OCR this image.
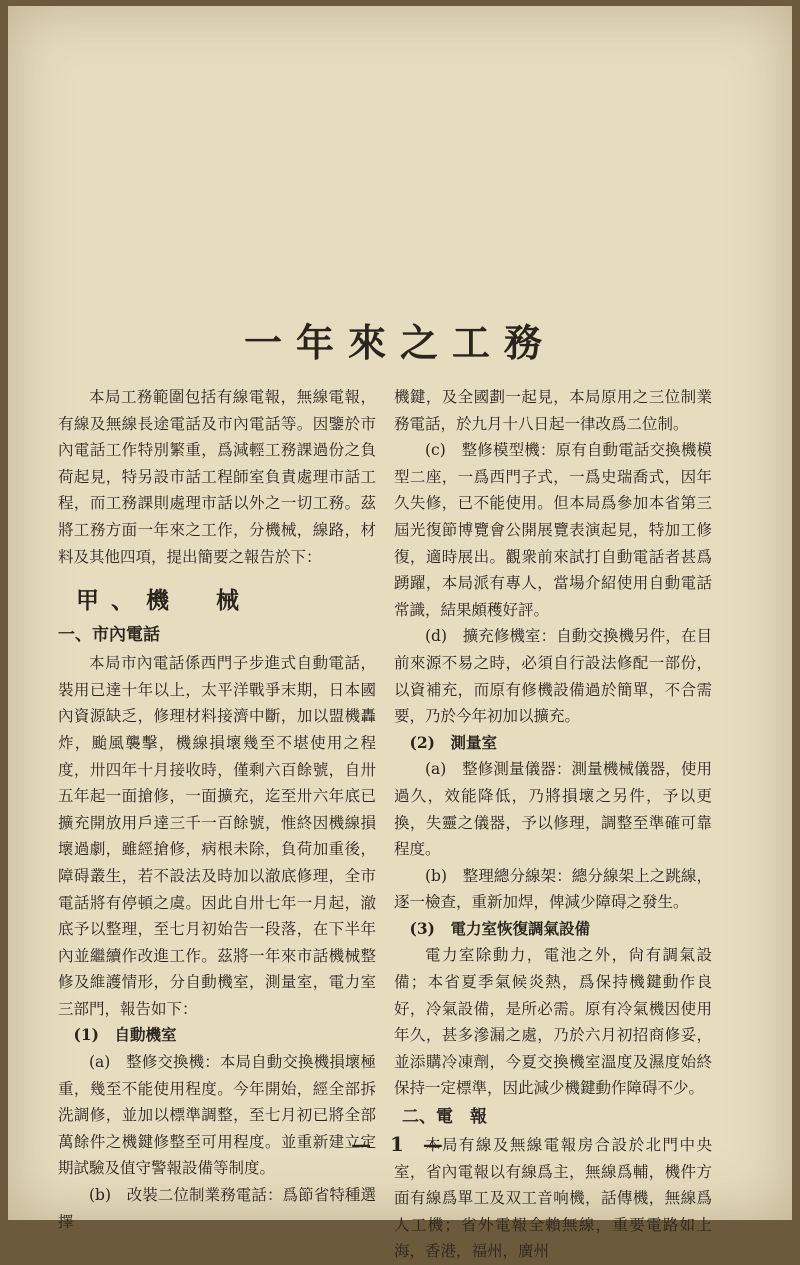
一年來之工務

本局工務範圍包括有線電報，無線電報，有線及無線長途電話及市內電話等。因鑒於市內電話工作特別繁重，爲減輕工務課過份之負荷起見，特另設市話工程師室負責處理市話工程，而工務課則處理市話以外之一切工務。茲將工務方面一年來之工作，分機械，線路，材料及其他四項，提出簡要之報告於下：

甲、機　械
一、市內電話

本局市內電話係西門子步進式自動電話，裝用已達十年以上，太平洋戰爭末期，日本國內資源缺乏，修理材料接濟中斷，加以盟機轟炸，颱風襲擊，機線損壞幾至不堪使用之程度，卅四年十月接收時，僅剩六百餘號，自卅五年起一面搶修，一面擴充，迄至卅六年底已擴充開放用戶達三千一百餘號，惟終因機線損壞過劇，雖經搶修，病根未除，負荷加重後，障碍叢生，若不設法及時加以澈底修理，全市電話將有停頓之虞。因此自卅七年一月起，澈底予以整理，至七月初始告一段落，在下半年內並繼續作改進工作。茲將一年來市話機械整修及維護情形，分自動機室，測量室，電力室三部門，報告如下：

(1)　自動機室

(a)　整修交換機：本局自動交換機損壞極重，幾至不能使用程度。今年開始，經全部拆洗調修，並加以標準調整，至七月初已將全部萬餘件之機鍵修整至可用程度。並重新建立定期試驗及值守警報設備等制度。

(b)　改裝二位制業務電話：爲節省特種選擇

機鍵，及全國劃一起見，本局原用之三位制業務電話，於九月十八日起一律改爲二位制。

(c)　整修模型機：原有自動電話交換機模型二座，一爲西門子式，一爲史瑞喬式，因年久失修，已不能使用。但本局爲參加本省第三屆光復節博覽會公開展覽表演起見，特加工修復，適時展出。觀衆前來試打自動電話者甚爲踴躍，本局派有專人，當場介紹使用自動電話常識，結果頗穫好評。

(d)　擴充修機室：自動交換機另件，在目前來源不易之時，必須自行設法修配一部份，以資補充，而原有修機設備過於簡單，不合需要，乃於今年初加以擴充。

(2)　測量室

(a)　整修測量儀器：測量機械儀器，使用過久，效能降低，乃將損壞之另件，予以更換，失靈之儀器，予以修理，調整至準確可靠程度。

(b)　整理總分線架：總分線架上之跳線，逐一檢查，重新加焊，俾減少障碍之發生。

(3)　電力室恢復調氣設備

電力室除動力，電池之外，尙有調氣設備；本省夏季氣候炎熱，爲保持機鍵動作良好，冷氣設備，是所必需。原有冷氣機因使用年久，甚多滲漏之處，乃於六月初招商修妥，並添購冷凍劑，今夏交換機室溫度及濕度始終保持一定標準，因此減少機鍵動作障碍不少。

二、電　報

本局有線及無線電報房合設於北門中央室，省內電報以有線爲主，無線爲輔，機件方面有線爲單工及双工音响機，話傳機，無線爲人工機；省外電報全賴無線，重要電路如上海，香港，福州，廣州

— 1 —
